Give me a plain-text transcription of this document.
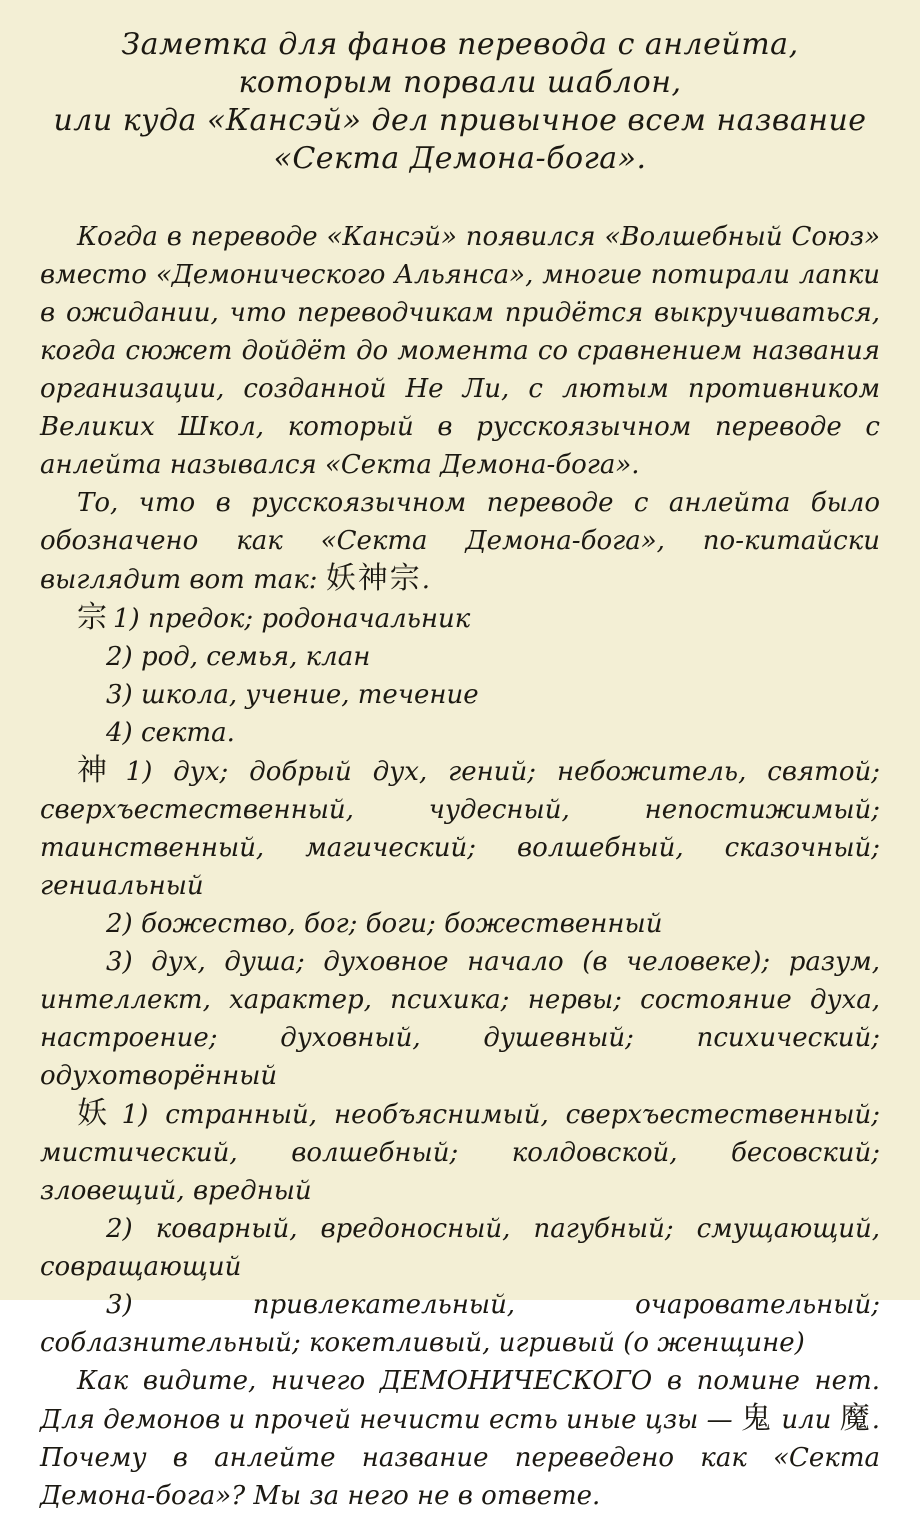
Заметка для фанов перевода с анлейта,
которым порвали шаблон,
или куда «Кансэй» дел привычное всем название
«Секта Демона-бога».

Когда в переводе «Кансэй» появился «Волшебный Союз» вместо «Демонического Альянса», многие потирали лапки в ожидании, что переводчикам придётся выкручиваться, когда сюжет дойдёт до момента со сравнением названия организации, созданной Не Ли, с лютым противником Великих Школ, который в русскоязычном переводе с анлейта назывался «Секта Демона-бога».

То, что в русскоязычном переводе с анлейта было обозначено как «Секта Демона-бога», по-китайски выглядит вот так: 妖神宗.

宗 1) предок; родоначальник

2) род, семья, клан

3) школа, учение, течение

4) секта.

神 1) дух; добрый дух, гений; небожитель, святой; сверхъестественный, чудесный, непостижимый; таинственный, магический; волшебный, сказочный; гениальный

2) божество, бог; боги; божественный

3) дух, душа; духовное начало (в человеке); разум, интеллект, характер, психика; нервы; состояние духа, настроение; духовный, душевный; психический; одухотворённый

妖 1) странный, необъяснимый, сверхъестественный; мистический, волшебный; колдовской, бесовский; зловещий, вредный

2) коварный, вредоносный, пагубный; смущающий, совращающий

3) привлекательный, очаровательный; соблазнительный; кокетливый, игривый (о женщине)

Как видите, ничего ДЕМОНИЧЕСКОГО в помине нет. Для демонов и прочей нечисти есть иные цзы — 鬼 или 魔. Почему в анлейте название переведено как «Секта Демона-бога»? Мы за него не в ответе.
